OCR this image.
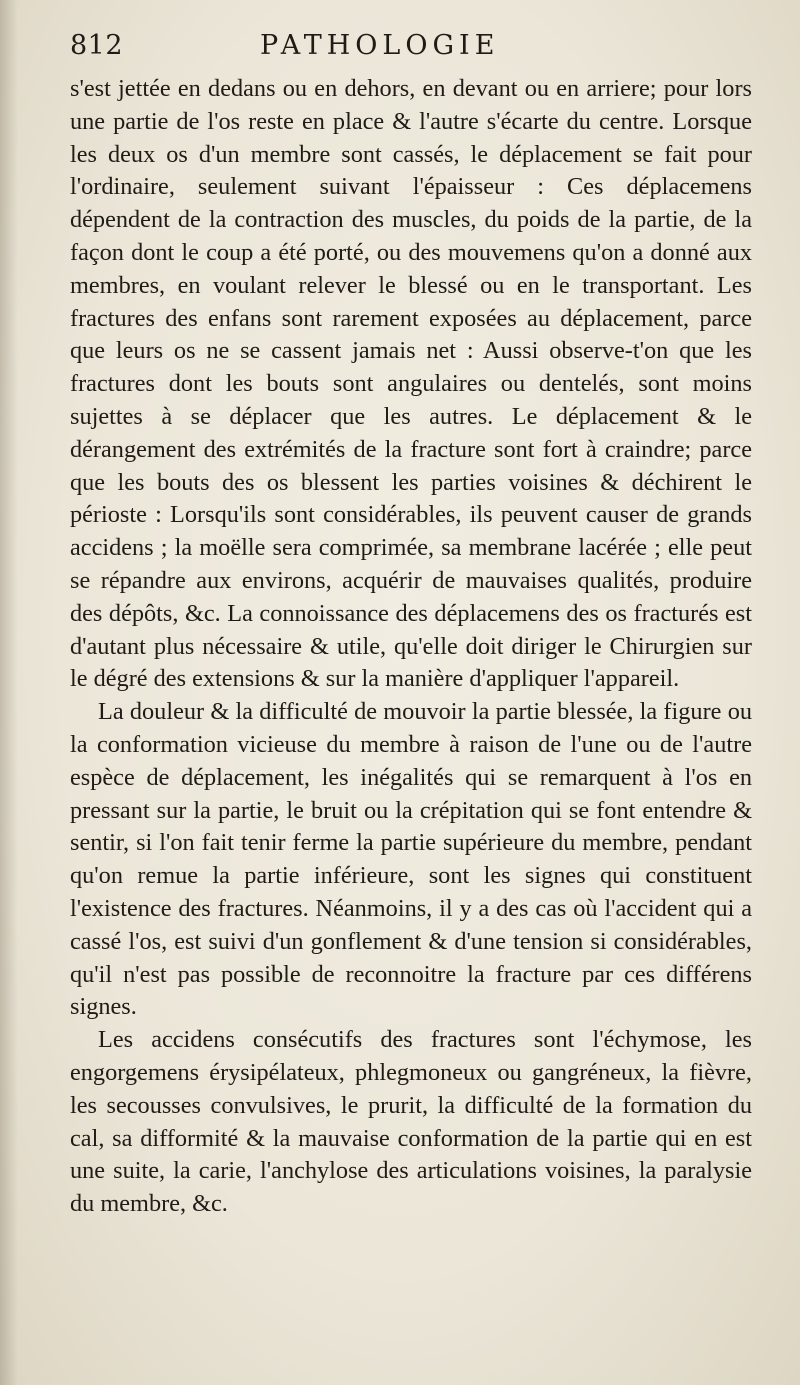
812	PATHOLOGIE

s'est jettée en dedans ou en dehors, en devant ou en arriere; pour lors une partie de l'os reste en place & l'autre s'écarte du centre. Lorsque les deux os d'un membre sont cassés, le déplacement se fait pour l'ordinaire, seulement suivant l'épaisseur : Ces déplacemens dépendent de la contraction des muscles, du poids de la partie, de la façon dont le coup a été porté, ou des mouvemens qu'on a donné aux membres, en voulant relever le blessé ou en le transportant. Les fractures des enfans sont rarement exposées au déplacement, parce que leurs os ne se cassent jamais net : Aussi observe-t'on que les fractures dont les bouts sont angulaires ou dentelés, sont moins sujettes à se déplacer que les autres. Le déplacement & le dérangement des extrémités de la fracture sont fort à craindre; parce que les bouts des os blessent les parties voisines & déchirent le périoste : Lorsqu'ils sont considérables, ils peuvent causer de grands accidens ; la moëlle sera comprimée, sa membrane lacérée ; elle peut se répandre aux environs, acquérir de mauvaises qualités, produire des dépôts, &c. La connoissance des déplacemens des os fracturés est d'autant plus nécessaire & utile, qu'elle doit diriger le Chirurgien sur le dégré des extensions & sur la manière d'appliquer l'appareil.

La douleur & la difficulté de mouvoir la partie blessée, la figure ou la conformation vicieuse du membre à raison de l'une ou de l'autre espèce de déplacement, les inégalités qui se remarquent à l'os en pressant sur la partie, le bruit ou la crépitation qui se font entendre & sentir, si l'on fait tenir ferme la partie supérieure du membre, pendant qu'on remue la partie inférieure, sont les signes qui constituent l'existence des fractures. Néanmoins, il y a des cas où l'accident qui a cassé l'os, est suivi d'un gonflement & d'une tension si considérables, qu'il n'est pas possible de reconnoitre la fracture par ces différens signes.

Les accidens consécutifs des fractures sont l'échymose, les engorgemens érysipélateux, phlegmoneux ou gangréneux, la fièvre, les secousses convulsives, le prurit, la difficulté de la formation du cal, sa difformité & la mauvaise conformation de la partie qui en est une suite, la carie, l'anchylose des articulations voisines, la paralysie du membre, &c.
